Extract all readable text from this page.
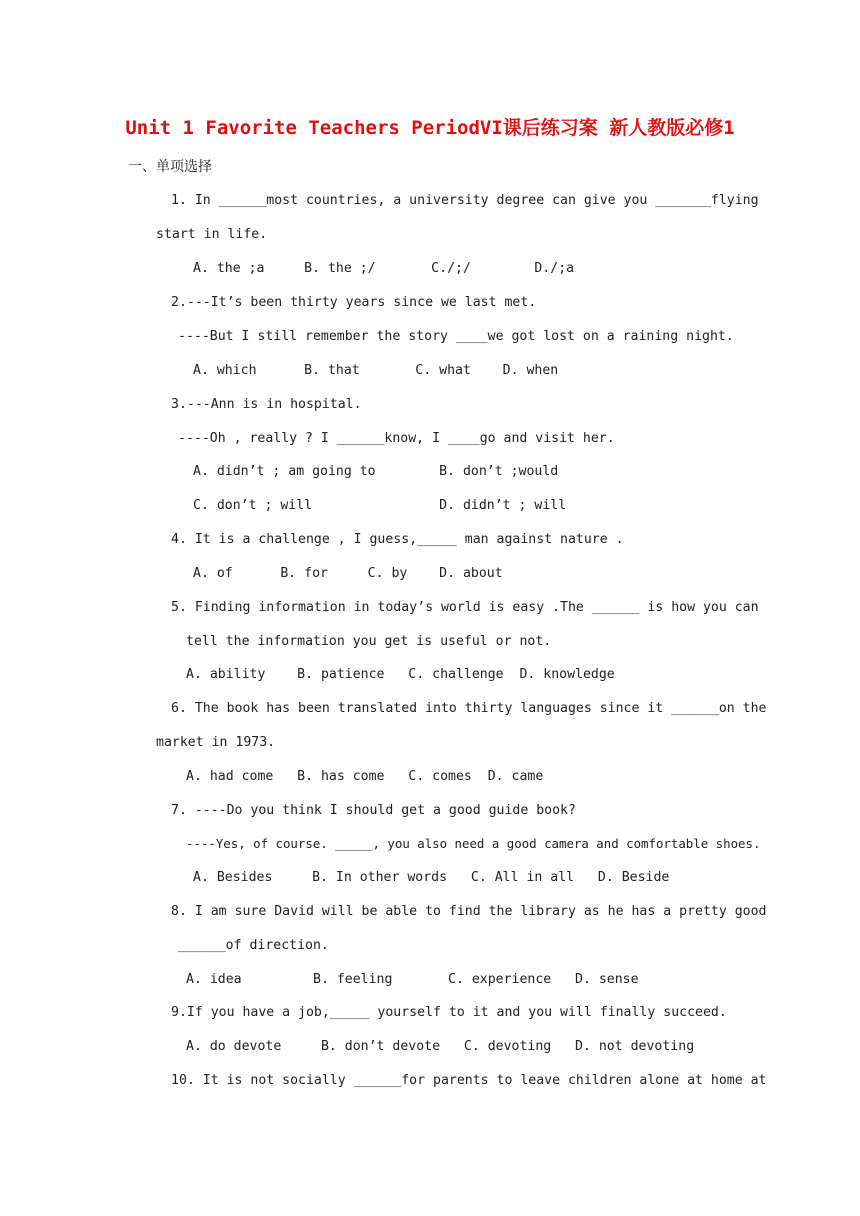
Unit 1 Favorite Teachers PeriodVI课后练习案 新人教版必修1
一、单项选择
1. In ______most countries, a university degree can give you _______flying
start in life.
A. the ;a     B. the ;/       C./;/        D./;a
2.---It’s been thirty years since we last met.
----But I still remember the story ____we got lost on a raining night.
A. which      B. that       C. what    D. when
3.---Ann is in hospital.
----Oh , really ? I ______know, I ____go and visit her.
A. didn’t ; am going to        B. don’t ;would
C. don’t ; will                D. didn’t ; will
4. It is a challenge , I guess,_____ man against nature .
A. of      B. for     C. by    D. about
5. Finding information in today’s world is easy .The ______ is how you can
tell the information you get is useful or not.
A. ability    B. patience   C. challenge  D. knowledge
6. The book has been translated into thirty languages since it ______on the
market in 1973.
A. had come   B. has come   C. comes  D. came
7. ----Do you think I should get a good guide book?
----Yes, of course. _____, you also need a good camera and comfortable shoes.
A. Besides     B. In other words   C. All in all   D. Beside
8. I am sure David will be able to find the library as he has a pretty good
______of direction.
A. idea         B. feeling       C. experience   D. sense
9.If you have a job,_____ yourself to it and you will finally succeed.
A. do devote     B. don’t devote   C. devoting   D. not devoting
10. It is not socially ______for parents to leave children alone at home at
